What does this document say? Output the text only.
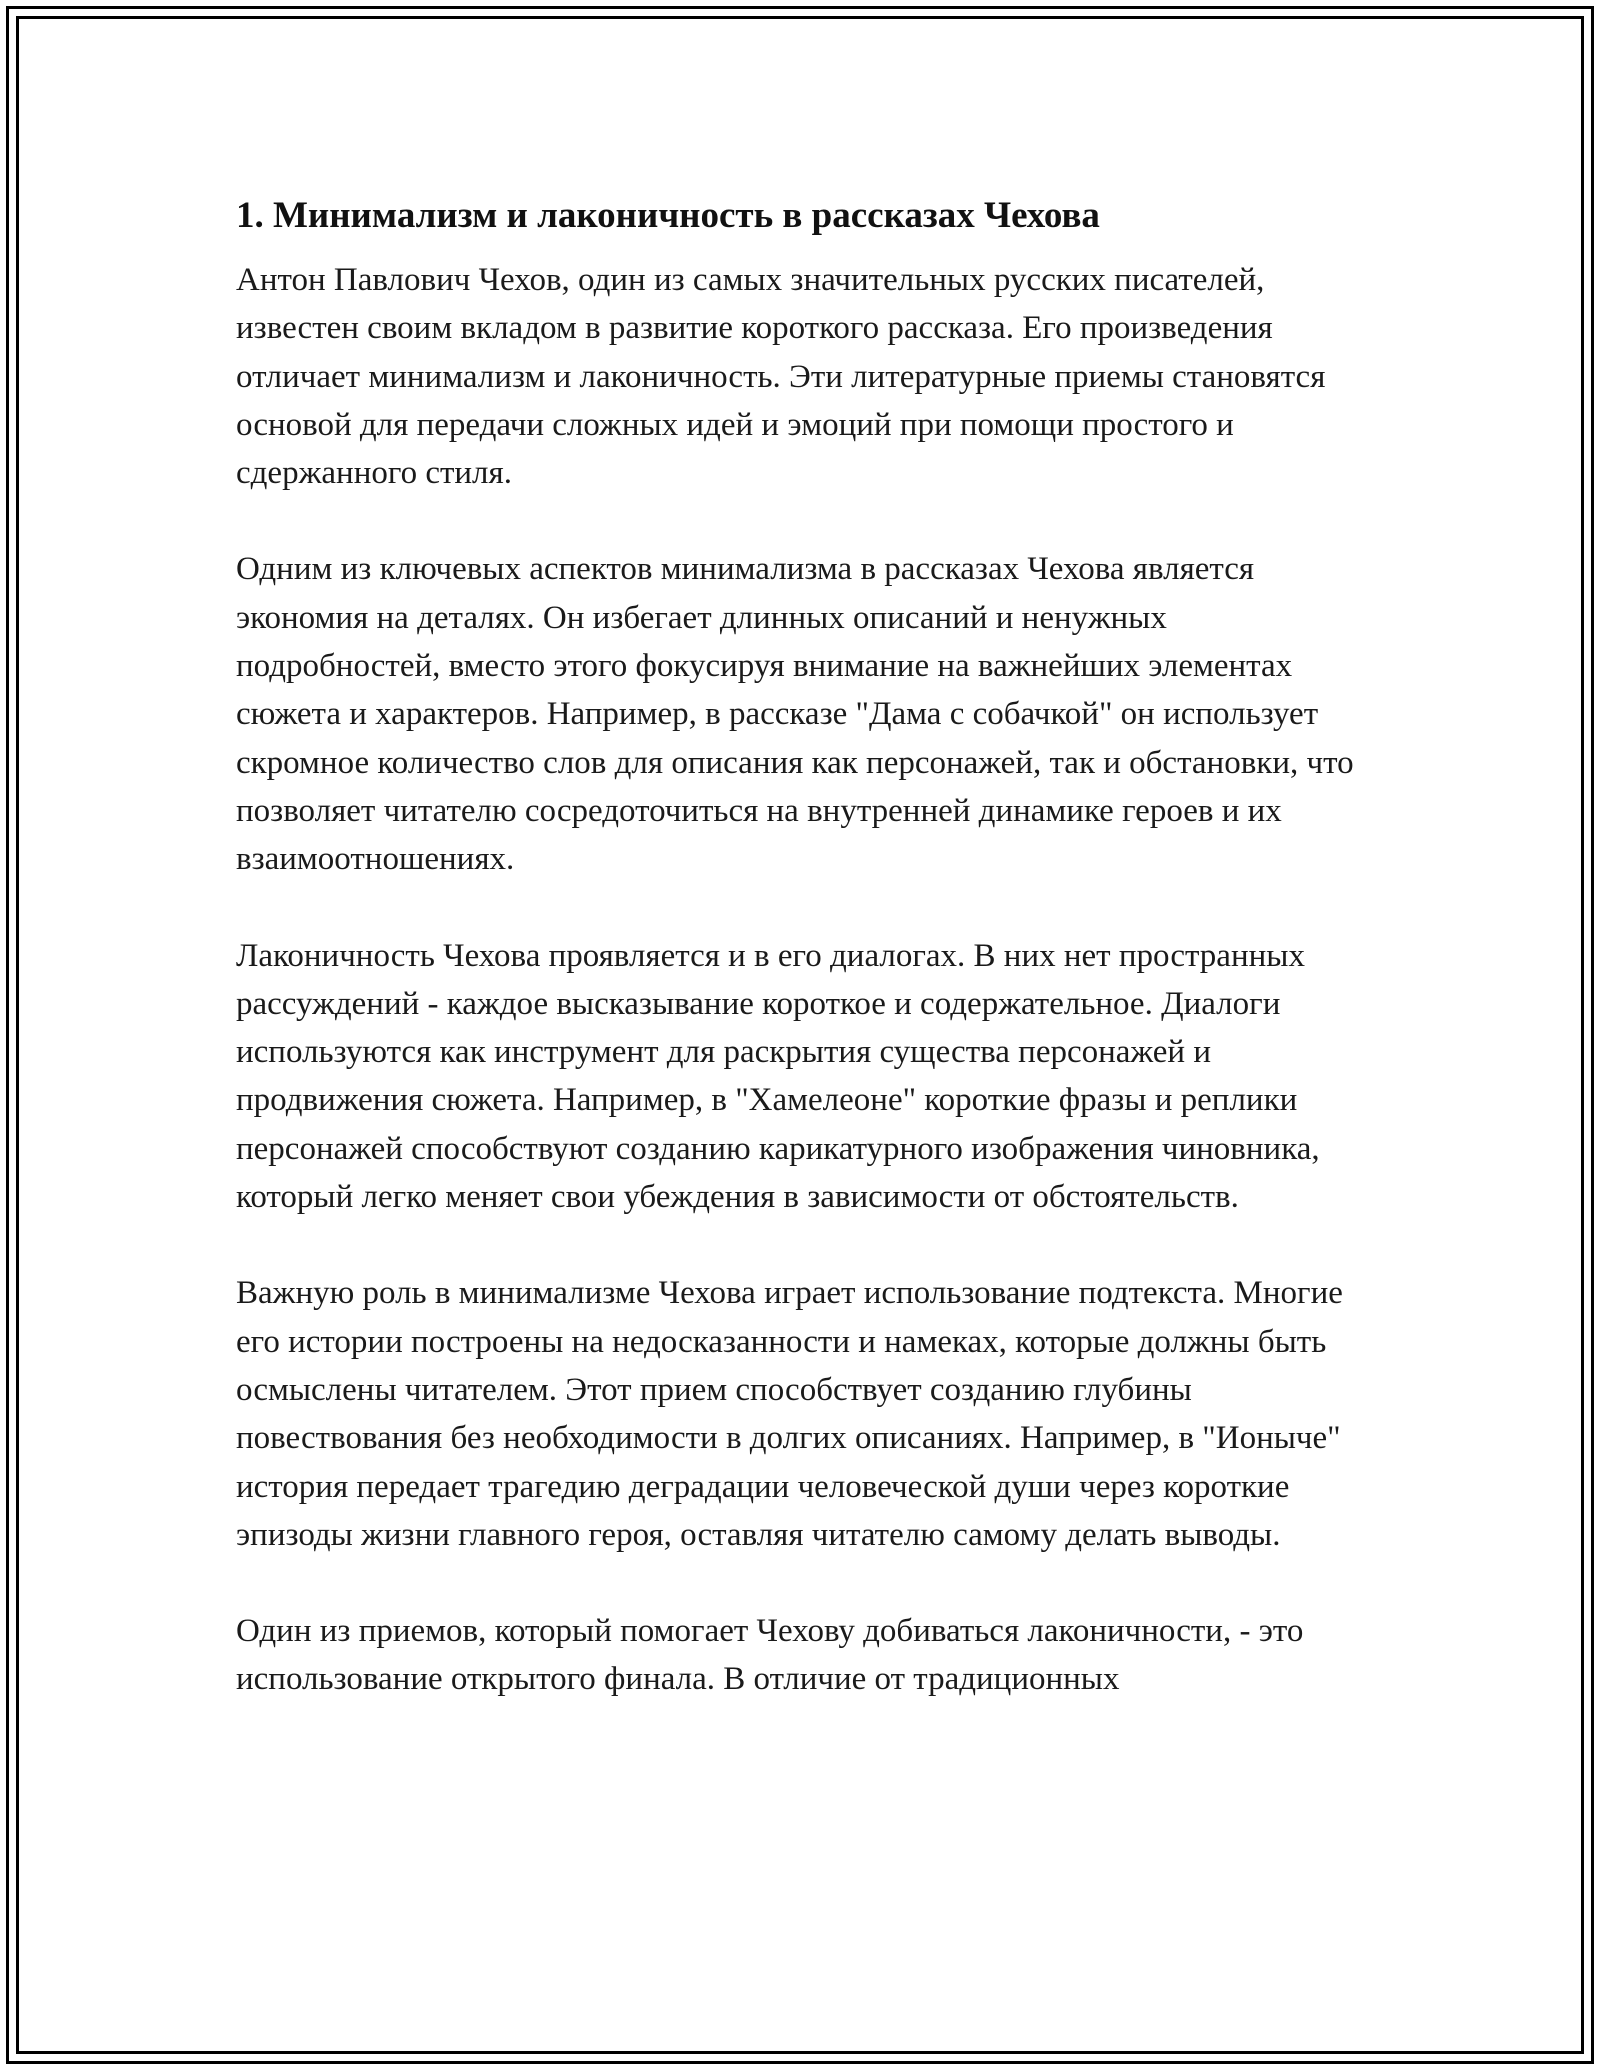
1. Минимализм и лаконичность в рассказах Чехова

Антон Павлович Чехов, один из самых значительных русских писателей, известен своим вкладом в развитие короткого рассказа. Его произведения отличает минимализм и лаконичность. Эти литературные приемы становятся основой для передачи сложных идей и эмоций при помощи простого и сдержанного стиля.

Одним из ключевых аспектов минимализма в рассказах Чехова является экономия на деталях. Он избегает длинных описаний и ненужных подробностей, вместо этого фокусируя внимание на важнейших элементах сюжета и характеров. Например, в рассказе "Дама с собачкой" он использует скромное количество слов для описания как персонажей, так и обстановки, что позволяет читателю сосредоточиться на внутренней динамике героев и их взаимоотношениях.

Лаконичность Чехова проявляется и в его диалогах. В них нет пространных рассуждений - каждое высказывание короткое и содержательное. Диалоги используются как инструмент для раскрытия существа персонажей и продвижения сюжета. Например, в "Хамелеоне" короткие фразы и реплики персонажей способствуют созданию карикатурного изображения чиновника, который легко меняет свои убеждения в зависимости от обстоятельств.

Важную роль в минимализме Чехова играет использование подтекста. Многие его истории построены на недосказанности и намеках, которые должны быть осмыслены читателем. Этот прием способствует созданию глубины повествования без необходимости в долгих описаниях. Например, в "Ионыче" история передает трагедию деградации человеческой души через короткие эпизоды жизни главного героя, оставляя читателю самому делать выводы.

Один из приемов, который помогает Чехову добиваться лаконичности, - это использование открытого финала. В отличие от традиционных
